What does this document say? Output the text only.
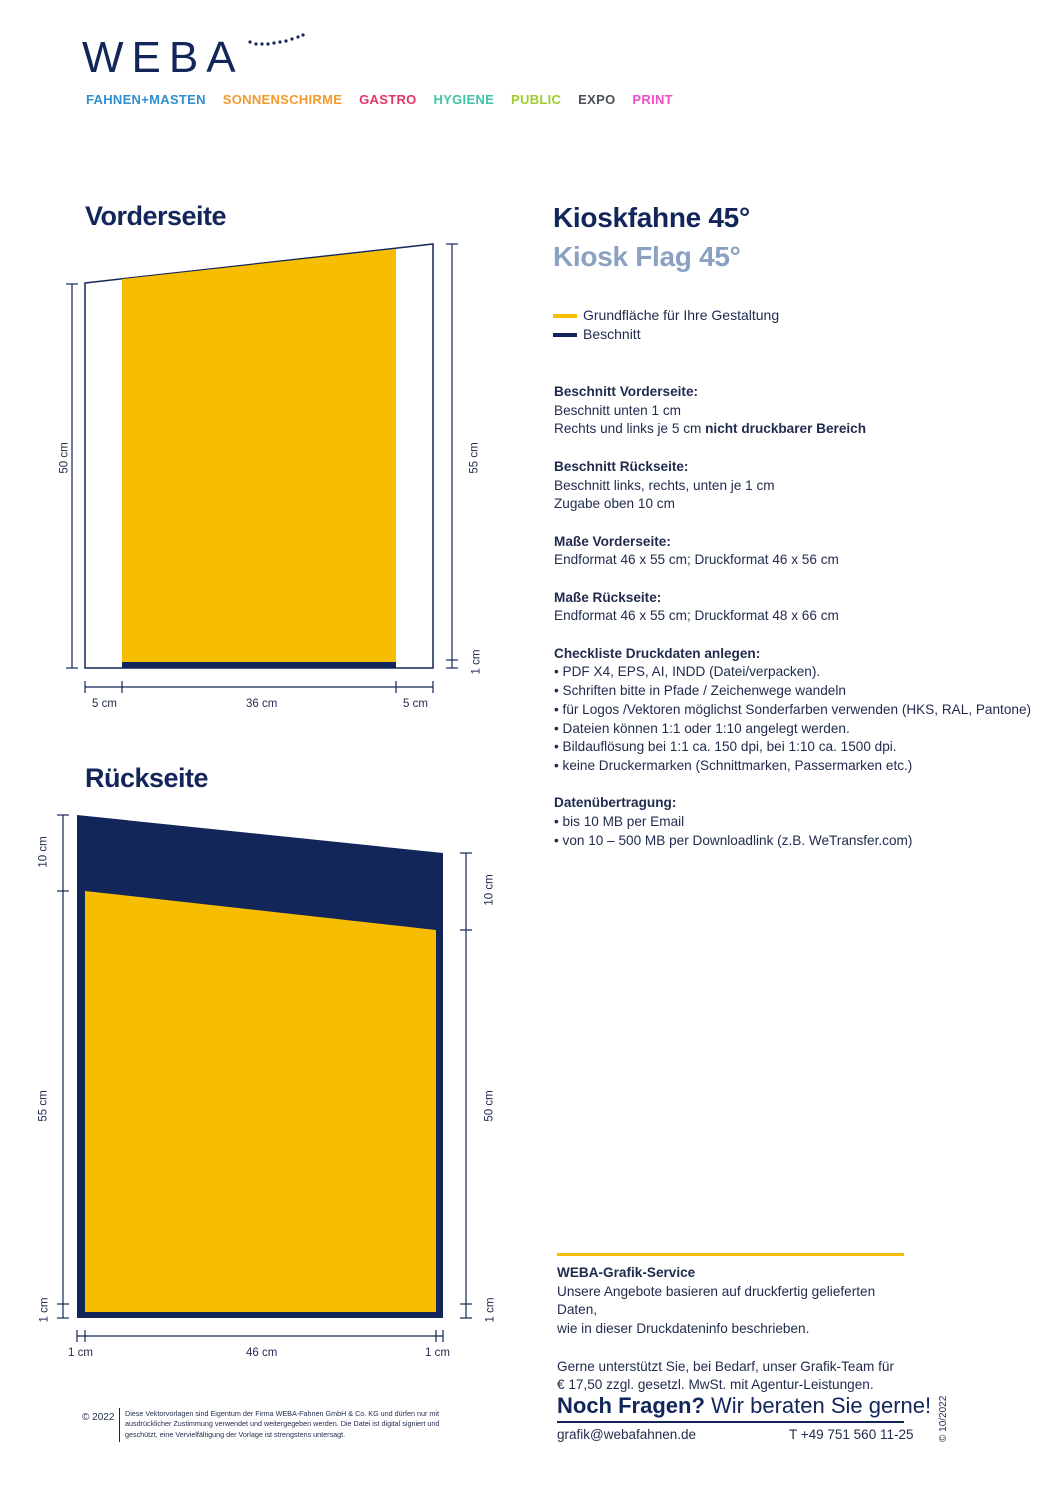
WEBA
FAHNEN+MASTEN SONNENSCHIRME GASTRO HYGIENE PUBLIC EXPO PRINT
Vorderseite
50 cm	55 cm
1 cm
5 cm	36 cm	5 cm
Rückseite
10 cm
55 cm
1 cm
10 cm
50 cm
1 cm
1 cm	46 cm	1 cm
Kioskfahne 45°
Kiosk Flag 45°
Grundfläche für Ihre Gestaltung
Beschnitt
Beschnitt Vorderseite:
Beschnitt unten 1 cm
Rechts und links je 5 cm nicht druckbarer Bereich
Beschnitt Rückseite:
Beschnitt links, rechts, unten je 1 cm
Zugabe oben 10 cm
Maße Vorderseite:
Endformat 46 x 55 cm; Druckformat 46 x 56 cm
Maße Rückseite:
Endformat 46 x 55 cm; Druckformat 48 x 66 cm
Checkliste Druckdaten anlegen:
• PDF X4, EPS, AI, INDD (Datei/verpacken).
• Schriften bitte in Pfade / Zeichenwege wandeln
• für Logos /Vektoren möglichst Sonderfarben verwenden (HKS, RAL, Pantone)
• Dateien können 1:1 oder 1:10 angelegt werden.
• Bildauflösung bei 1:1 ca. 150 dpi, bei 1:10 ca. 1500 dpi.
• keine Druckermarken (Schnittmarken, Passermarken etc.)
Datenübertragung:
• bis 10 MB per Email
• von 10 – 500 MB per Downloadlink (z.B. WeTransfer.com)
WEBA-Grafik-Service
Unsere Angebote basieren auf druckfertig gelieferten Daten,
wie in dieser Druckdateninfo beschrieben.
Gerne unterstützt Sie, bei Bedarf, unser Grafik-Team für
€ 17,50 zzgl. gesetzl. MwSt. mit Agentur-Leistungen.
Noch Fragen? Wir beraten Sie gerne!
grafik@webafahnen.de	T +49 751 560 11-25
© 2022 Diese Vektorvorlagen sind Eigentum der Firma WEBA-Fahnen GmbH & Co. KG und dürfen nur mit ausdrücklicher Zustimmung verwendet und weitergegeben werden. Die Datei ist digital signiert und geschützt, eine Vervielfältigung der Vorlage ist strengstens untersagt.	© 10/2022
